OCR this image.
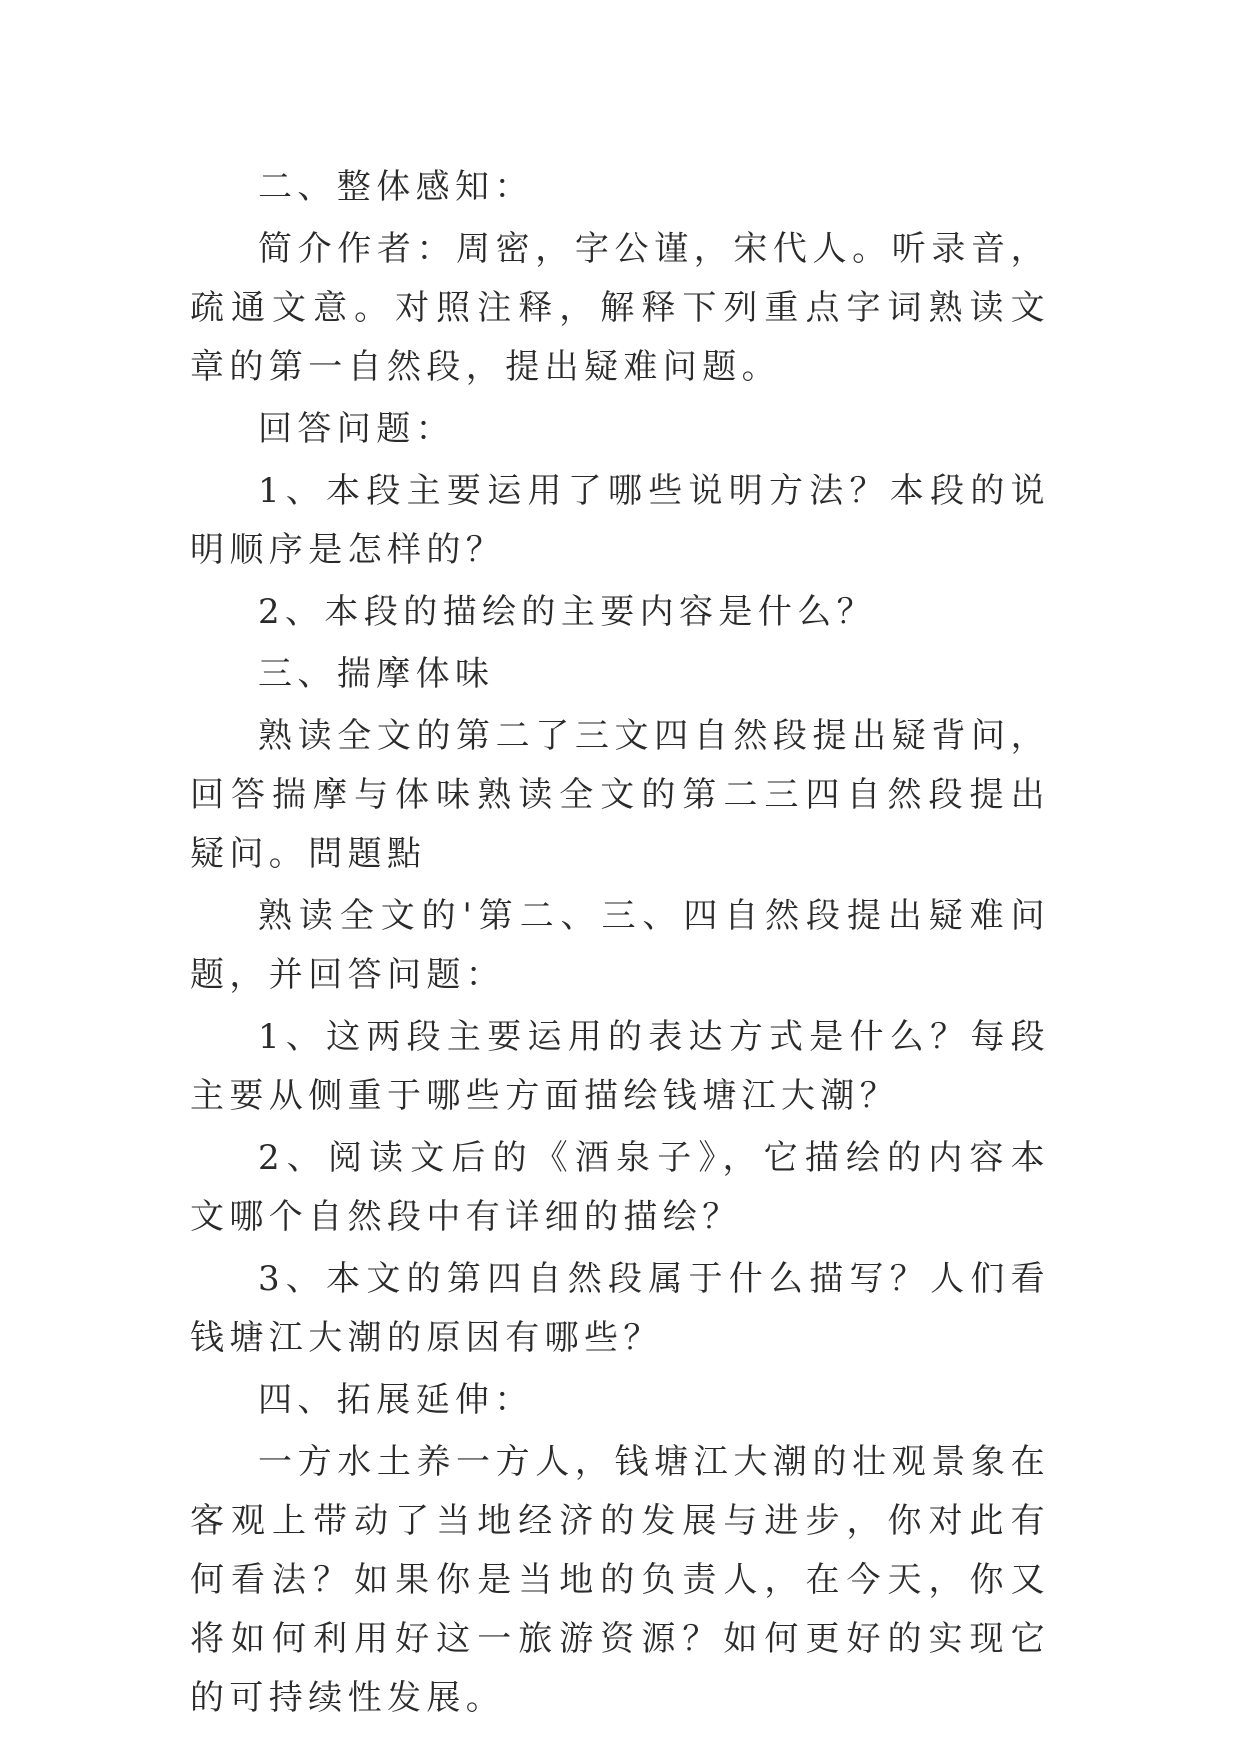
二、整体感知：

简介作者：周密，字公谨，宋代人。听录音，疏通文意。对照注释，解释下列重点字词熟读文章的第一自然段，提出疑难问题。

回答问题：

1、本段主要运用了哪些说明方法？本段的说明顺序是怎样的？

2、本段的描绘的主要内容是什么？

三、揣摩体味

熟读全文的第二了三文四自然段提出疑背问，回答揣摩与体味熟读全文的第二三四自然段提出疑问。問題點

熟读全文的'第二、三、四自然段提出疑难问题，并回答问题：

1、这两段主要运用的表达方式是什么？每段主要从侧重于哪些方面描绘钱塘江大潮？

2、阅读文后的《酒泉子》，它描绘的内容本文哪个自然段中有详细的描绘？

3、本文的第四自然段属于什么描写？人们看钱塘江大潮的原因有哪些？

四、拓展延伸：

一方水土养一方人，钱塘江大潮的壮观景象在客观上带动了当地经济的发展与进步，你对此有何看法？如果你是当地的负责人，在今天，你又将如何利用好这一旅游资源？如何更好的实现它的可持续性发展。
